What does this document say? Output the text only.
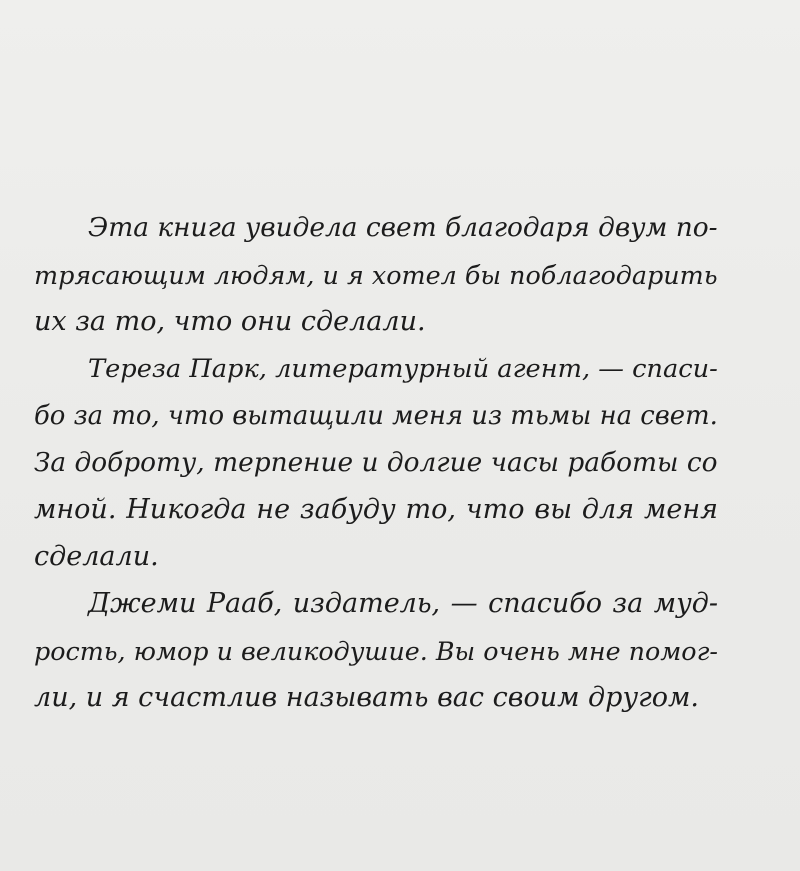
Эта книга увидела свет благодаря двум по-
трясающим людям, и я хотел бы поблагодарить
их за то, что они сделали.
Тереза Парк, литературный агент, — спаси-
бо за то, что вытащили меня из тьмы на свет.
За доброту, терпение и долгие часы работы со
мной. Никогда не забуду то, что вы для меня
сделали.
Джеми Рааб, издатель, — спасибо за муд-
рость, юмор и великодушие. Вы очень мне помог-
ли, и я счастлив называть вас своим другом.
